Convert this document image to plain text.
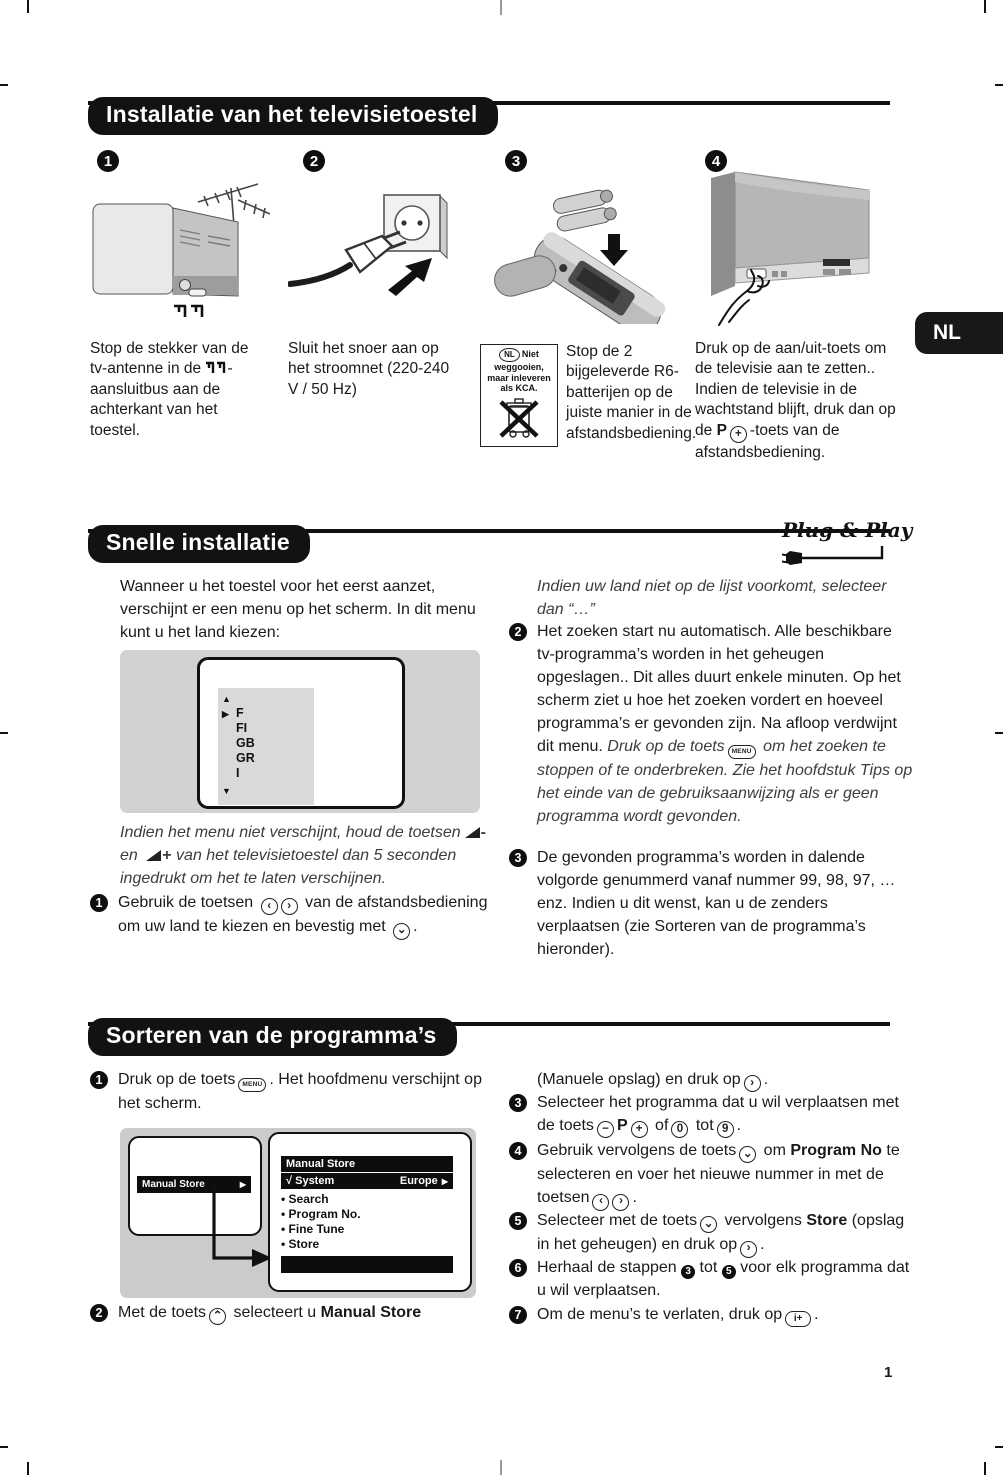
Installatie van het televisietoestel
1	2	3	4

Stop de stekker van de tv-antenne in de -aansluitbus aan de achterkant van het toestel.

Sluit het snoer aan op het stroomnet (220-240 V / 50 Hz)

NL Niet
weggooien,
maar inleveren
als KCA.

Stop de 2 bijgeleverde R6-batterijen op de juiste manier in de afstandsbediening.

Druk op de aan/uit-toets om de televisie aan te zetten.. Indien de televisie in de wachtstand blijft, druk dan op de P + -toets van de afstandsbediening.

NL
Snelle installatie	Plug & Play

Wanneer u het toestel voor het eerst aanzet, verschijnt er een menu op het scherm. In dit menu kunt u het land kiezen:

▲
▶ F
FI
GB
GR
I
▼

Indien het menu niet verschijnt, houd de toetsen - en + van het televisietoestel dan 5 seconden ingedrukt om het te laten verschijnen.

1 Gebruik de toetsen ‹ › van de afstandsbediening om uw land te kiezen en bevestig met ⌄ .

Indien uw land niet op de lijst voorkomt, selecteer dan “…”

2 Het zoeken start nu automatisch. Alle beschikbare tv-programma’s worden in het geheugen opgeslagen.. Dit alles duurt enkele minuten. Op het scherm ziet u hoe het zoeken vordert en hoeveel programma’s er gevonden zijn. Na afloop verdwijnt dit menu. Druk op de toets MENU om het zoeken te stoppen of te onderbreken. Zie het hoofdstuk Tips op het einde van de gebruiksaanwijzing als er geen programma wordt gevonden.

3 De gevonden programma’s worden in dalende volgorde genummerd vanaf nummer 99, 98, 97, …enz. Indien u dit wenst, kan u de zenders verplaatsen (zie Sorteren van de programma’s hieronder).

Sorteren van de programma’s
1 Druk op de toets MENU . Het hoofdmenu verschijnt op het scherm.

Manual Store	▶
Manual Store
√ System	Europe ▶
• Search
• Program No.
• Fine Tune
• Store
2 Met de toets ⌃ selecteert u Manual Store

(Manuele opslag) en druk op › .

3 Selecteer het programma dat u wil verplaatsen met de toets − P + of 0 tot 9 .

4 Gebruik vervolgens de toets ⌄ om Program No te selecteren en voer het nieuwe nummer in met de toetsen ‹ › .

5 Selecteer met de toets ⌄ vervolgens Store (opslag in het geheugen) en druk op › .

6 Herhaal de stappen 3 tot 5 voor elk programma dat u wil verplaatsen.

7 Om de menu’s te verlaten, druk op i+ .

1
